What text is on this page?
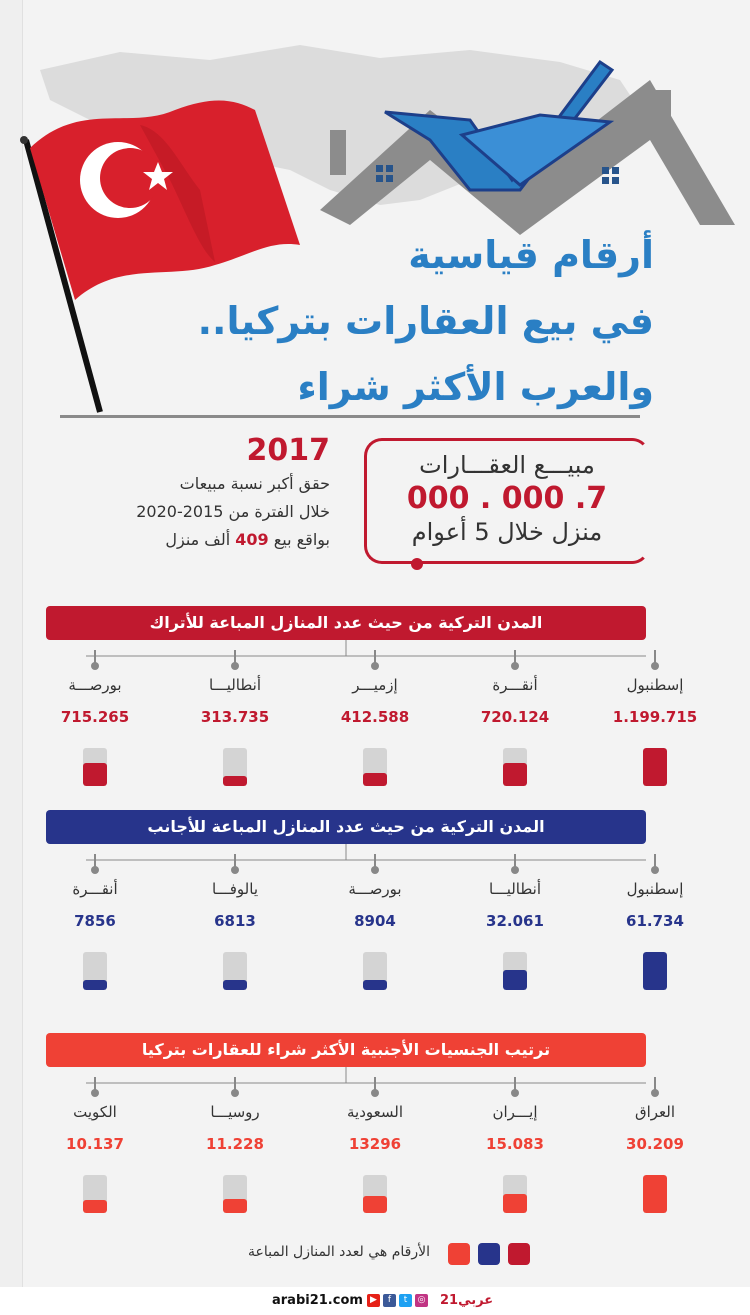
أرقام قياسية
في بيع العقارات بتركيا..
والعرب الأكثر شراء
2017
حقق أكبر نسبة مبيعات
خلال الفترة من 2015-2020
بواقع بيع 409 ألف منزل
مبيـــع العقـــارات
7. 000 . 000
منزل خلال 5 أعوام
المدن التركية من حيث عدد المنازل المباعة للأتراك
إسطنبول
1.199.715
أنقـــرة
720.124
إزميـــر
412.588
أنطاليـــا
313.735
بورصـــة
715.265
المدن التركية من حيث عدد المنازل المباعة للأجانب
إسطنبول
61.734
أنطاليـــا
32.061
بورصـــة
8904
يالوفـــا
6813
أنقـــرة
7856
ترتيب الجنسيات الأجنبية الأكثر شراء للعقارات بتركيا
العراق
30.209
إيـــران
15.083
السعودية
13296
روسيـــا
11.228
الكويت
10.137
الأرقام هي لعدد المنازل المباعة
arabi21.com ▶	f	t	◎ عربي21
